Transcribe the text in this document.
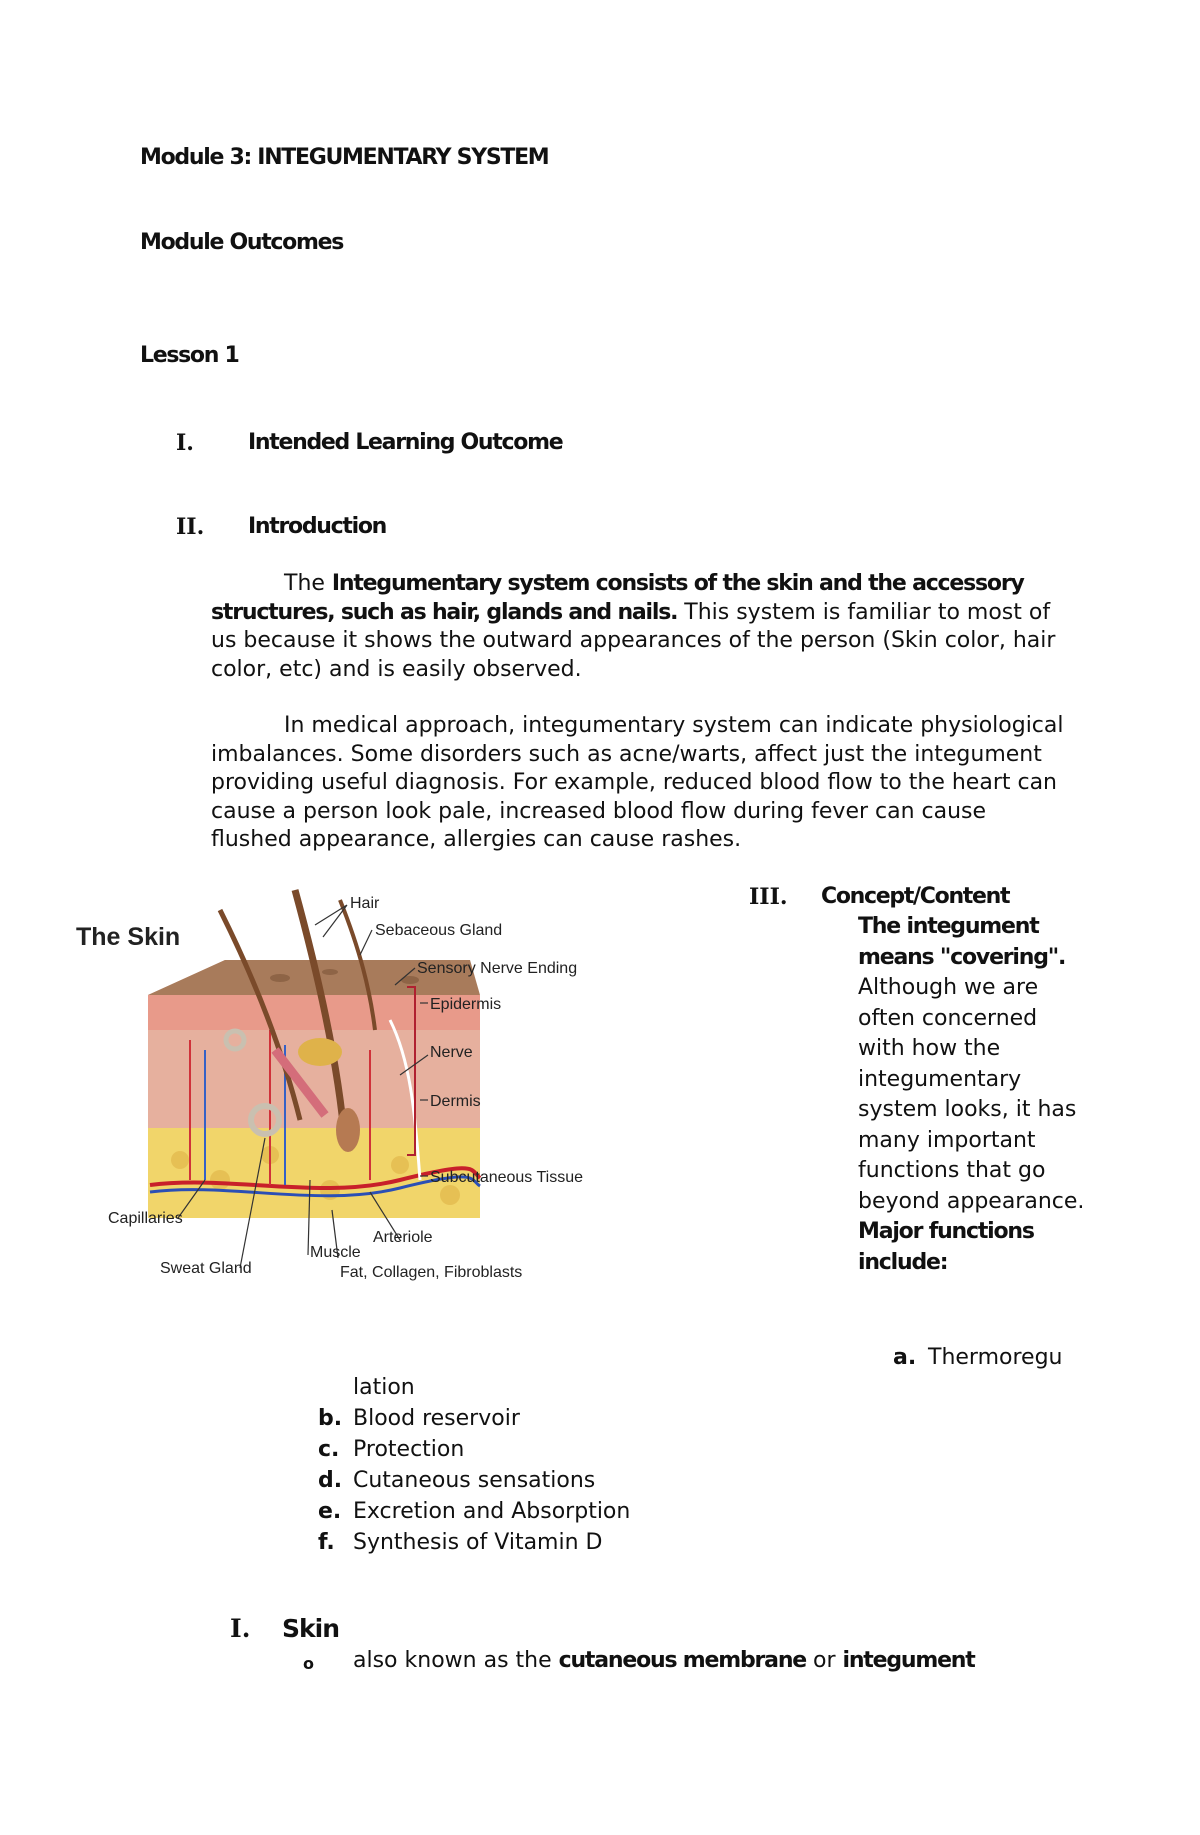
Module 3: INTEGUMENTARY SYSTEM
Module Outcomes
Lesson 1
I. Intended Learning Outcome
II. Introduction
The Integumentary system consists of the skin and the accessory structures, such as hair, glands and nails. This system is familiar to most of us because it shows the outward appearances of the person (Skin color, hair color, etc) and is easily observed.
In medical approach, integumentary system can indicate physiological imbalances. Some disorders such as acne/warts, affect just the integument providing useful diagnosis. For example, reduced blood flow to the heart can cause a person look pale, increased blood flow during fever can cause flushed appearance, allergies can cause rashes.
The Skin
Hair
Sebaceous Gland
Sensory Nerve Ending
Epidermis
Nerve
Dermis
Subcutaneous Tissue
Capillaries
Sweat Gland
Muscle
Arteriole
Fat, Collagen, Fibroblasts
III. Concept/Content
The integument means "covering". Although we are often concerned with how the integumentary system looks, it has many important functions that go beyond appearance. Major functions include:
a. Thermoregu
lation
b. Blood reservoir
c. Protection
d. Cutaneous sensations
e. Excretion and Absorption
f. Synthesis of Vitamin D
I. Skin
o also known as the cutaneous membrane or integument
